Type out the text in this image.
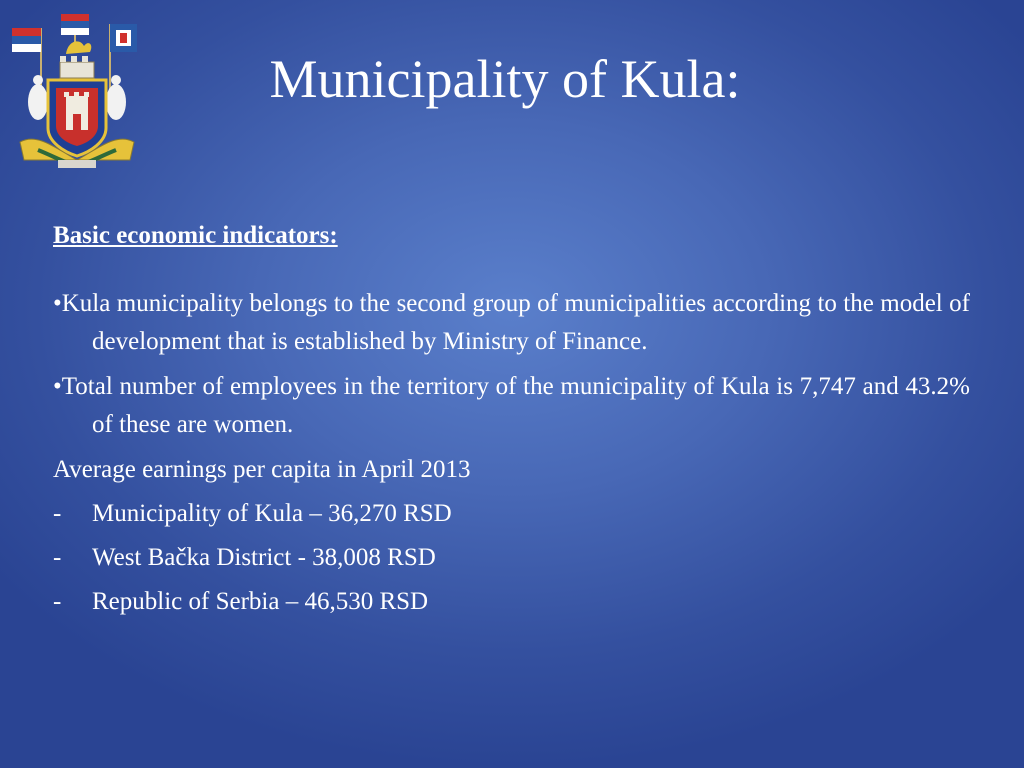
Municipality of Kula:

Basic economic indicators:

•Kula municipality belongs to the second group of municipalities according to the model of development that is established by Ministry of Finance.

•Total number of employees in the territory of the municipality of Kula is 7,747 and 43.2% of these are women.

Average earnings per capita in April 2013

-	Municipality of Kula – 36,270 RSD
-	West Bačka District - 38,008 RSD
-	Republic of Serbia – 46,530 RSD
